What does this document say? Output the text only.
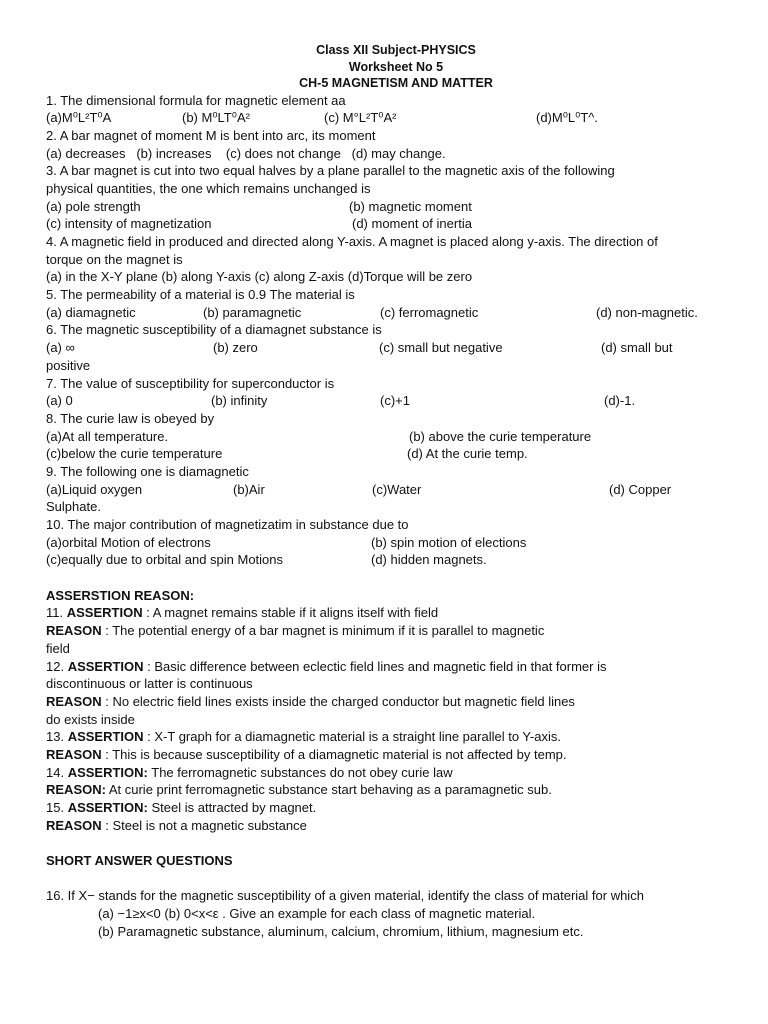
Class XII Subject-PHYSICS
Worksheet No 5
CH-5 MAGNETISM AND MATTER
1. The dimensional formula for magnetic element aa
(a)M⁰L²T⁰A	(b) M⁰LT⁰A²	(c) M°L²T⁰A²	(d)M⁰L⁰T^.
2. A bar magnet of moment M is bent into arc, its moment
(a) decreases   (b) increases    (c) does not change   (d) may change.
3. A bar magnet is cut into two equal halves by a plane parallel to the magnetic axis of the following
physical quantities, the one which remains unchanged is
(a) pole strength	(b) magnetic moment
(c) intensity of magnetization	(d) moment of inertia
4. A magnetic field in produced and directed along Y-axis. A magnet is placed along y-axis. The direction of
torque on the magnet is
(a) in the X-Y plane (b) along Y-axis (c) along Z-axis (d)Torque will be zero
5. The permeability of a material is 0.9 The material is
(a) diamagnetic	(b) paramagnetic	(c) ferromagnetic	(d) non-magnetic.
6. The magnetic susceptibility of a diamagnet substance is
(a) ∞	(b) zero	(c) small but negative	(d) small but
positive
7. The value of susceptibility for superconductor is
(a) 0	(b) infinity	(c)+1	(d)-1.
8. The curie law is obeyed by
(a)At all temperature.	(b) above the curie temperature
(c)below the curie temperature	(d) At the curie temp.
9. The following one is diamagnetic
(a)Liquid oxygen	(b)Air	(c)Water	(d) Copper
Sulphate.
10. The major contribution of magnetizatim in substance due to
(a)orbital Motion of electrons	(b) spin motion of elections
(c)equally due to orbital and spin Motions	(d) hidden magnets.
ASSERSTION REASON:
11. ASSERTION : A magnet remains stable if it aligns itself with field
REASON : The potential energy of a bar magnet is minimum if it is parallel to magnetic
field
12. ASSERTION : Basic difference between eclectic field lines and magnetic field in that former is
discontinuous or latter is continuous
REASON : No electric field lines exists inside the charged conductor but magnetic field lines
do exists inside
13. ASSERTION : X-T graph for a diamagnetic material is a straight line parallel to Y-axis.
REASON : This is because susceptibility of a diamagnetic material is not affected by temp.
14. ASSERTION: The ferromagnetic substances do not obey curie law
REASON: At curie print ferromagnetic substance start behaving as a paramagnetic sub.
15. ASSERTION: Steel is attracted by magnet.
REASON : Steel is not a magnetic substance
SHORT ANSWER QUESTIONS
16. If X− stands for the magnetic susceptibility of a given material, identify the class of material for which
(a) −1≥x<0 (b) 0<x<ε . Give an example for each class of magnetic material.
(b) Paramagnetic substance, aluminum, calcium, chromium, lithium, magnesium etc.
